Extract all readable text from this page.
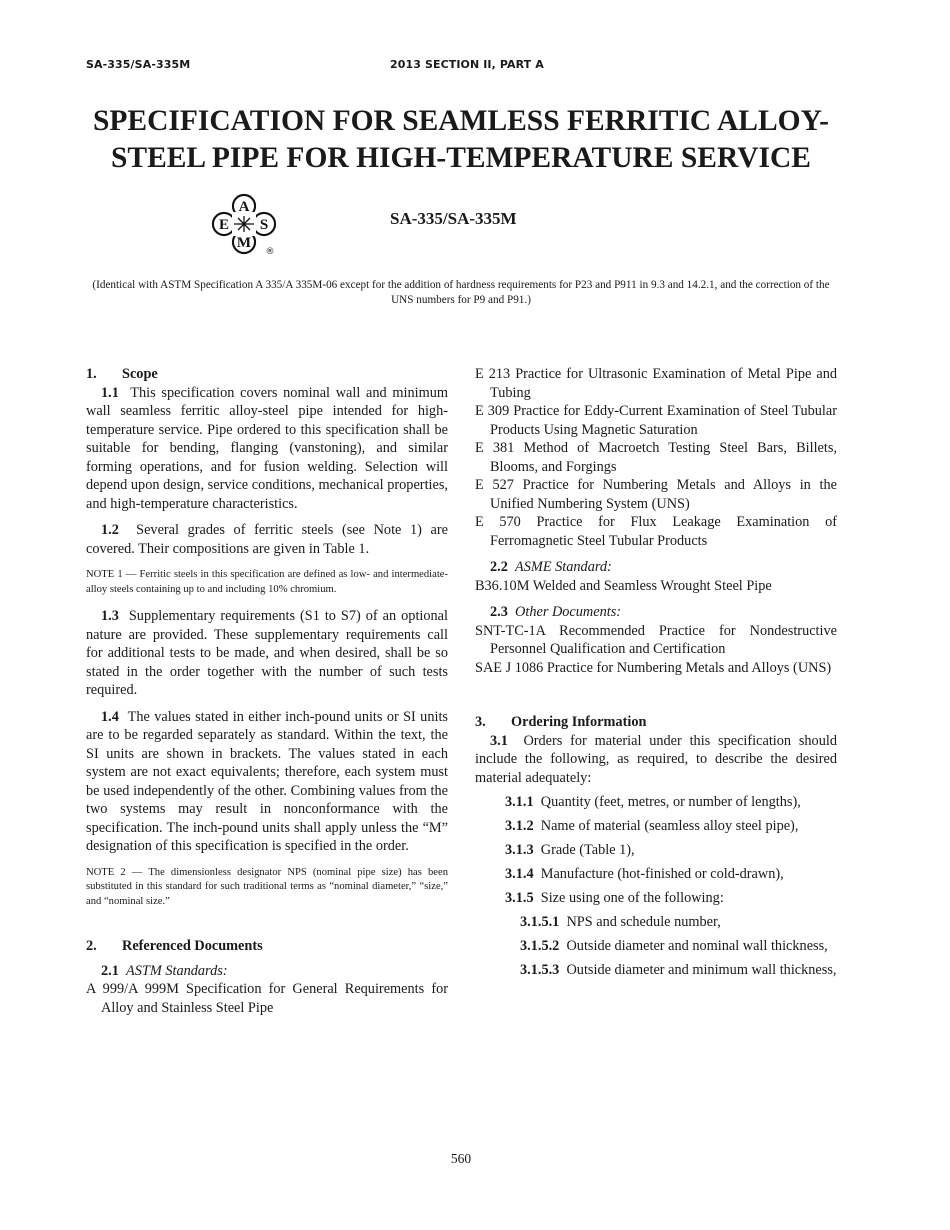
SA-335/SA-335M	2013 SECTION II, PART A
SPECIFICATION FOR SEAMLESS FERRITIC ALLOY-
STEEL PIPE FOR HIGH-TEMPERATURE SERVICE
A
E S
M
®
SA-335/SA-335M
(Identical with ASTM Specification A 335/A 335M-06 except for the addition of hardness requirements for P23 and P911 in 9.3 and 14.2.1, and the correction of the UNS numbers for P9 and P91.)
1. Scope

1.1 This specification covers nominal wall and minimum wall seamless ferritic alloy-steel pipe intended for high-temperature service. Pipe ordered to this specification shall be suitable for bending, flanging (vanstoning), and similar forming operations, and for fusion welding. Selection will depend upon design, service conditions, mechanical properties, and high-temperature characteristics.

1.2 Several grades of ferritic steels (see Note 1) are covered. Their compositions are given in Table 1.

NOTE 1 — Ferritic steels in this specification are defined as low- and intermediate-alloy steels containing up to and including 10% chromium.

1.3 Supplementary requirements (S1 to S7) of an optional nature are provided. These supplementary requirements call for additional tests to be made, and when desired, shall be so stated in the order together with the number of such tests required.

1.4 The values stated in either inch-pound units or SI units are to be regarded separately as standard. Within the text, the SI units are shown in brackets. The values stated in each system are not exact equivalents; therefore, each system must be used independently of the other. Combining values from the two systems may result in nonconformance with the specification. The inch-pound units shall apply unless the “M” designation of this specification is specified in the order.

NOTE 2 — The dimensionless designator NPS (nominal pipe size) has been substituted in this standard for such traditional terms as “nominal diameter,” “size,” and “nominal size.”
2. Referenced Documents

2.1 ASTM Standards:

A 999/A 999M Specification for General Requirements for Alloy and Stainless Steel Pipe

E 213 Practice for Ultrasonic Examination of Metal Pipe and Tubing

E 309 Practice for Eddy-Current Examination of Steel Tubular Products Using Magnetic Saturation

E 381 Method of Macroetch Testing Steel Bars, Billets, Blooms, and Forgings

E 527 Practice for Numbering Metals and Alloys in the Unified Numbering System (UNS)

E 570 Practice for Flux Leakage Examination of Ferromagnetic Steel Tubular Products

2.2 ASME Standard:

B36.10M Welded and Seamless Wrought Steel Pipe

2.3 Other Documents:

SNT-TC-1A Recommended Practice for Nondestructive Personnel Qualification and Certification

SAE J 1086 Practice for Numbering Metals and Alloys (UNS)

3. Ordering Information

3.1 Orders for material under this specification should include the following, as required, to describe the desired material adequately:

3.1.1 Quantity (feet, metres, or number of lengths),

3.1.2 Name of material (seamless alloy steel pipe),

3.1.3 Grade (Table 1),

3.1.4 Manufacture (hot-finished or cold-drawn),

3.1.5 Size using one of the following:

3.1.5.1 NPS and schedule number,

3.1.5.2 Outside diameter and nominal wall thickness,

3.1.5.3 Outside diameter and minimum wall thickness,

560
